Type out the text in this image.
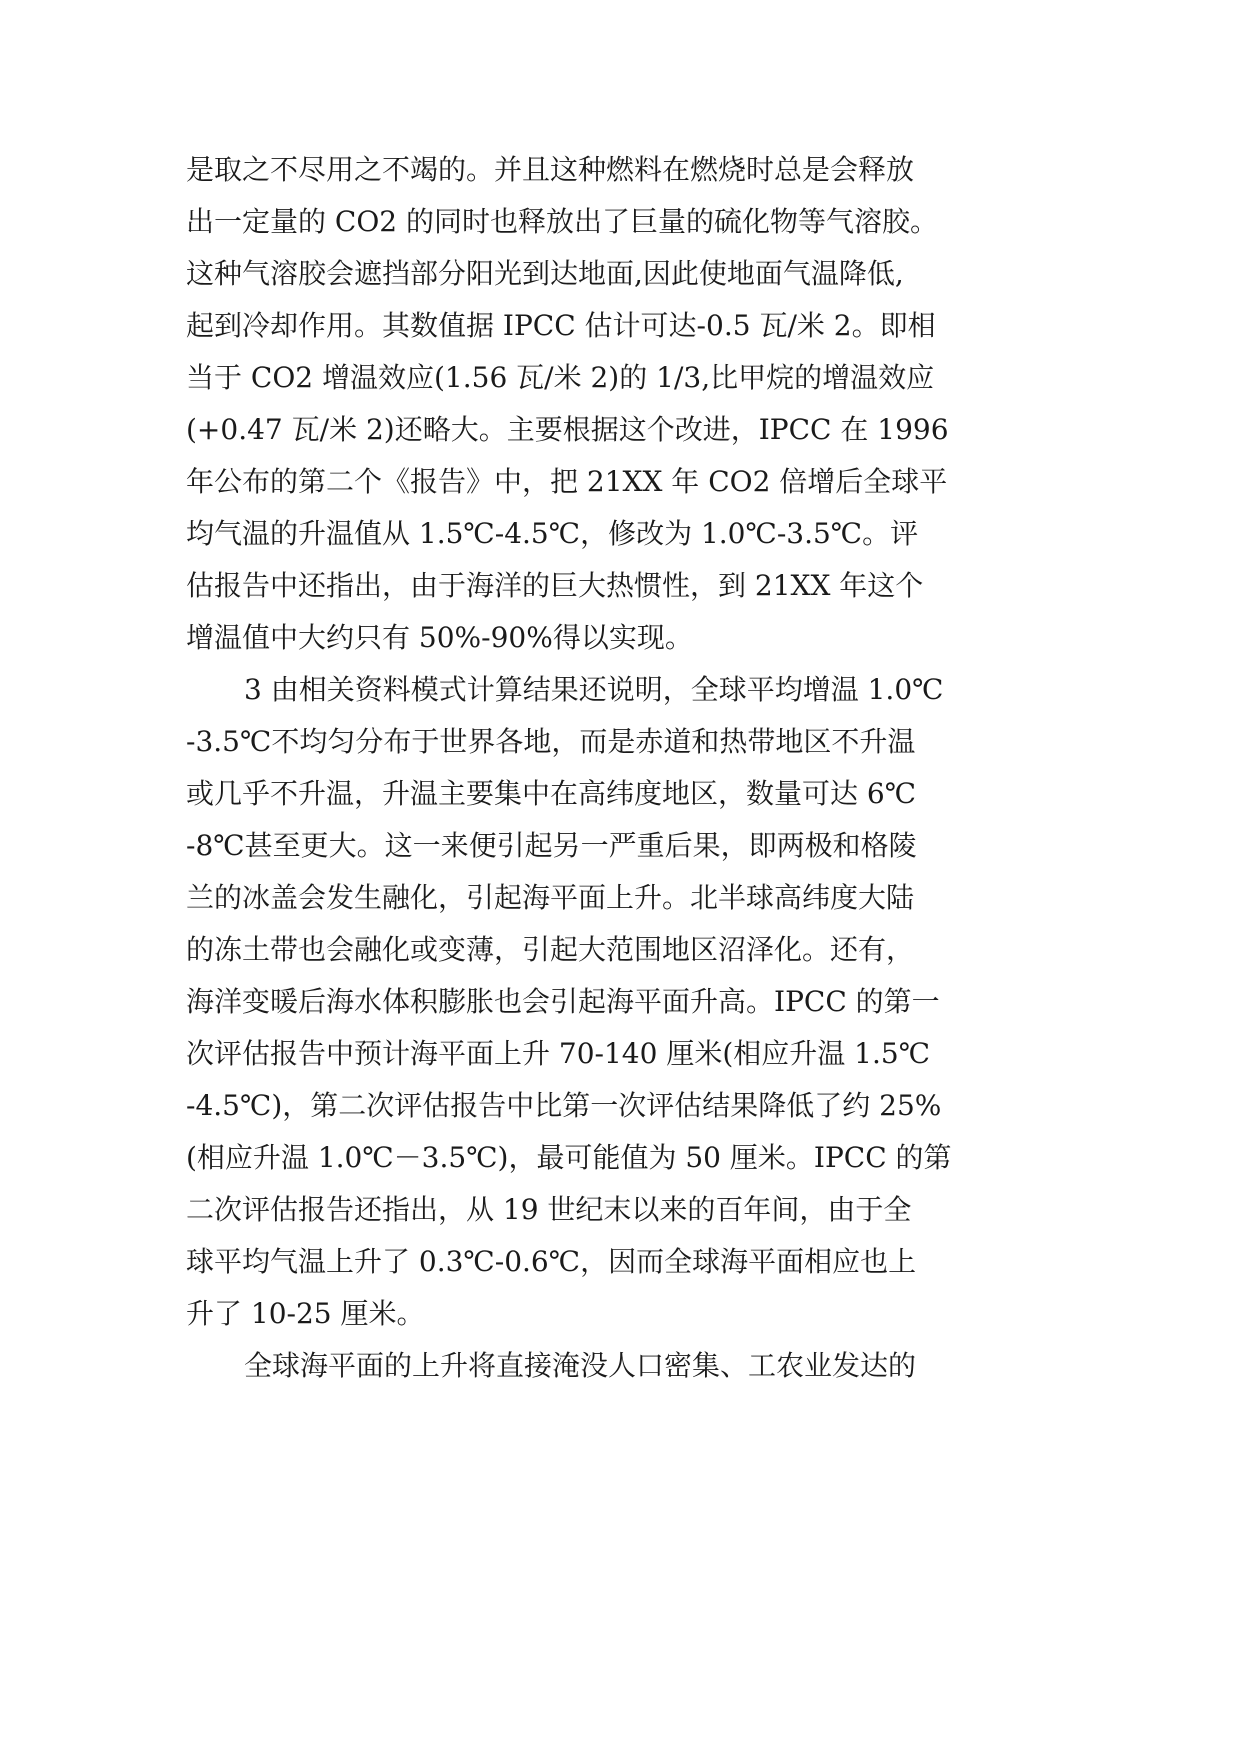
是取之不尽用之不竭的。并且这种燃料在燃烧时总是会释放
出一定量的 CO2 的同时也释放出了巨量的硫化物等气溶胶。
这种气溶胶会遮挡部分阳光到达地面,因此使地面气温降低,
起到冷却作用。其数值据 IPCC 估计可达-0.5 瓦/米 2。即相
当于 CO2 增温效应(1.56 瓦/米 2)的 1/3,比甲烷的增温效应
(+0.47 瓦/米 2)还略大。主要根据这个改进，IPCC 在 1996
年公布的第二个《报告》中，把 21XX 年 CO2 倍增后全球平
均气温的升温值从 1.5℃-4.5℃，修改为 1.0℃-3.5℃。评
估报告中还指出，由于海洋的巨大热惯性，到 21XX 年这个
增温值中大约只有 50%-90%得以实现。
3 由相关资料模式计算结果还说明，全球平均增温 1.0℃
-3.5℃不均匀分布于世界各地，而是赤道和热带地区不升温
或几乎不升温，升温主要集中在高纬度地区，数量可达 6℃
-8℃甚至更大。这一来便引起另一严重后果，即两极和格陵
兰的冰盖会发生融化，引起海平面上升。北半球高纬度大陆
的冻土带也会融化或变薄，引起大范围地区沼泽化。还有，
海洋变暖后海水体积膨胀也会引起海平面升高。IPCC 的第一
次评估报告中预计海平面上升 70-140 厘米(相应升温 1.5℃
-4.5℃)，第二次评估报告中比第一次评估结果降低了约 25%
(相应升温 1.0℃－3.5℃)，最可能值为 50 厘米。IPCC 的第
二次评估报告还指出，从 19 世纪末以来的百年间，由于全
球平均气温上升了 0.3℃-0.6℃，因而全球海平面相应也上
升了 10-25 厘米。
全球海平面的上升将直接淹没人口密集、工农业发达的
